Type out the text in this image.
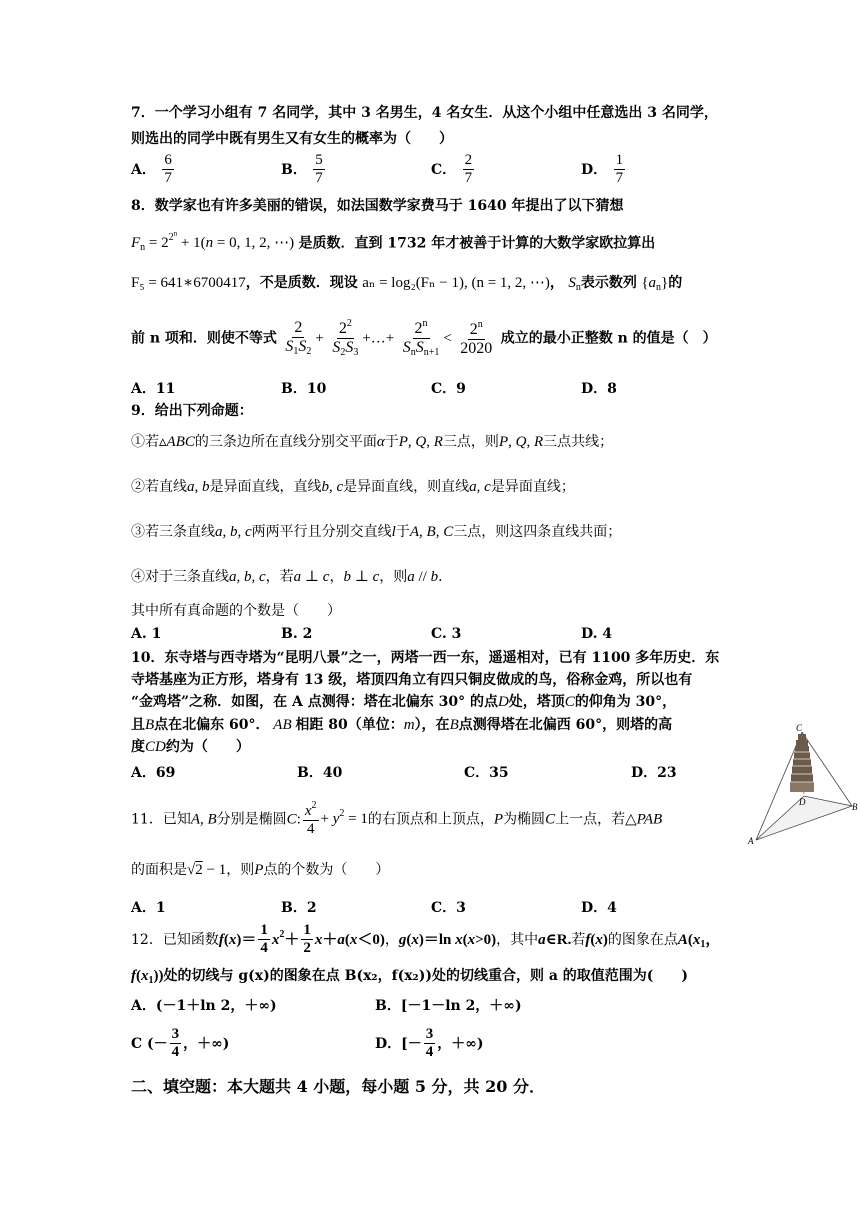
7．一个学习小组有 7 名同学，其中 3 名男生，4 名女生．从这个小组中任意选出 3 名同学，
则选出的同学中既有男生又有女生的概率为（　　）
A． $\frac{6}{7}$	B． $\frac{5}{7}$	C． $\frac{2}{7}$	D． $\frac{1}{7}$
8．数学家也有许多美丽的错误，如法国数学家费马于 1640 年提出了以下猜想
$F_n = 2^{2^n} + 1(n = 0$, 1, 2, ⋯) 是质数．直到 1732 年才被善于计算的大数学家欧拉算出
F₅ = 641∗6700417，不是质数．现设 aₙ = log₂(Fₙ − 1), (n = 1, 2, ⋯)， $S_n$表示数列 $\{a_n\}$的
前 n 项和．则使不等式 $\frac{2}{S_1S_2} + \frac{2^2}{S_2S_3}$ +…+ $\frac{2^n}{S_nS_{n+1}} < \frac{2^n}{2020}$ 成立的最小正整数 n 的值是（　）
A．11	B．10	C．9	D．8
9．给出下列命题：
①若▵ABC的三条边所在直线分别交平面α于P, Q, R三点，则P, Q, R三点共线；
②若直线a, b是异面直线，直线b, c是异面直线，则直线a, c是异面直线；
③若三条直线a, b, c两两平行且分别交直线l于A, B, C三点，则这四条直线共面；
④对于三条直线a, b, c，若a ⊥ c，b ⊥ c，则a // b．
其中所有真命题的个数是（　　）
A. 1	B. 2	C. 3	D. 4
10．东寺塔与西寺塔为“昆明八景”之一，两塔一西一东，遥遥相对，已有 1100 多年历史．东
寺塔基座为正方形，塔身有 13 级，塔顶四角立有四只铜皮做成的鸟，俗称金鸡，所以也有
“金鸡塔”之称．如图，在 A 点测得：塔在北偏东 30° 的点D处，塔顶C的仰角为 30°，
且B点在北偏东 60°． AB 相距 80（单位：m），在B点测得塔在北偏西 60°，则塔的高
度CD约为（　　）
A．69	B．40	C．35	D．23
C
D
A
B
11．已知A, B分别是椭圆C: $\frac{x^2}{4} + y^2 = 1$的右顶点和上顶点，P为椭圆C上一点，若△PAB
的面积是√2 − 1，则P点的个数为（　　）
A．1	B．2	C．3	D．4
12．已知函数$f(x)= \frac{1}{4} x^2+ \frac{1}{2} x+a(x<0)$，g(x)＝ln x(x>0)，其中a∈R.若f(x)的图象在点$A(x_1$，
$f(x_1)$)处的切线与 g(x)的图象在点 B(x₂，f(x₂))处的切线重合，则 a 的取值范围为(　　)
A．(－1＋ln 2，＋∞)	B．[－1－ln 2，＋∞)
C (－ $\frac{3}{4}$ ，＋∞)	D．[－ $\frac{3}{4}$ ，＋∞)
二、填空题：本大题共 4 小题，每小题 5 分，共 20 分．
